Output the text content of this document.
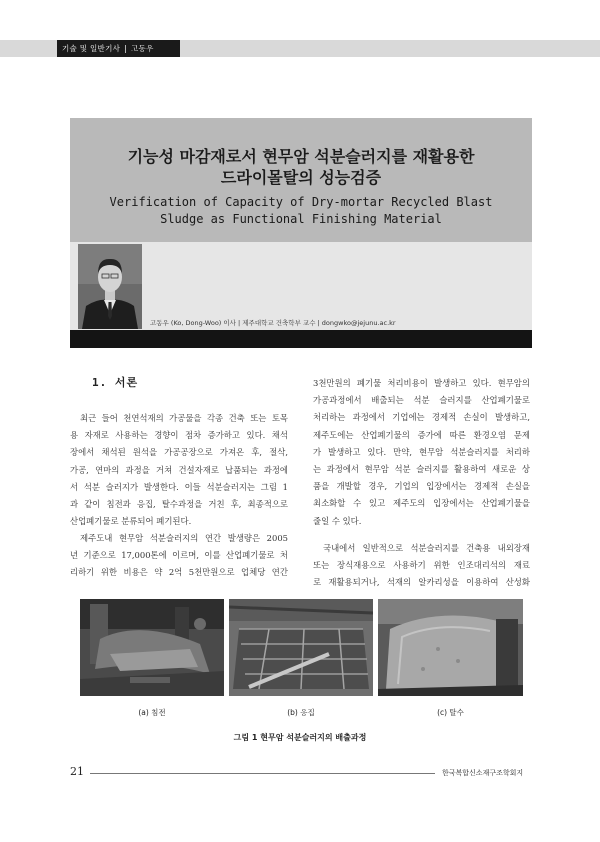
기술 및 일반기사 | 고동우
기능성 마감재로서 현무암 석분슬러지를 재활용한
드라이몰탈의 성능검증
Verification of Capacity of Dry-mortar Recycled Blast
Sludge as Functional Finishing Material
고동우 (Ko, Dong-Woo) 이사 | 제주대학교 건축학부 교수 | dongwko@jejunu.ac.kr
1. 서론

최근 들어 천연석재의 가공물을 각종 건축 또는 토목

용 자재로 사용하는 경향이 점차 증가하고 있다. 채석

장에서 채석된 원석을 가공공장으로 가져온 후, 절삭,

가공, 연마의 과정을 거쳐 건설자재로 납품되는 과정에

서 석분 슬러지가 발생한다. 이들 석분슬러지는 그림 1

과 같이 침전과 응집, 탈수과정을 거친 후, 최종적으로

산업폐기물로 분류되어 폐기된다.

제주도내 현무암 석분슬러지의 연간 발생량은 2005

년 기준으로 17,000톤에 이르며, 이를 산업폐기물로 처

리하기 위한 비용은 약 2억 5천만원으로 업체당 연간

3천만원의 폐기물 처리비용이 발생하고 있다. 현무암의

가공과정에서 배출되는 석분 슬러지를 산업폐기물로

처리하는 과정에서 기업에는 경제적 손실이 발생하고,

제주도에는 산업폐기물의 증가에 따른 환경오염 문제

가 발생하고 있다. 만약, 현무암 석분슬러지를 처리하

는 과정에서 현무암 석분 슬러지를 활용하여 새로운 상

품을 개발할 경우, 기업의 입장에서는 경제적 손실을

최소화할 수 있고 제주도의 입장에서는 산업폐기물을

줄일 수 있다.

국내에서 일반적으로 석분슬러지를 건축용 내외장재

또는 장식재용으로 사용하기 위한 인조대리석의 재료

로 재활용되거나, 석재의 알카리성을 이용하여 산성화

(a) 침전	(b) 응집	(c) 탈수
그림 1 현무암 석분슬러지의 배출과정
21	한국복합신소재구조학회지
